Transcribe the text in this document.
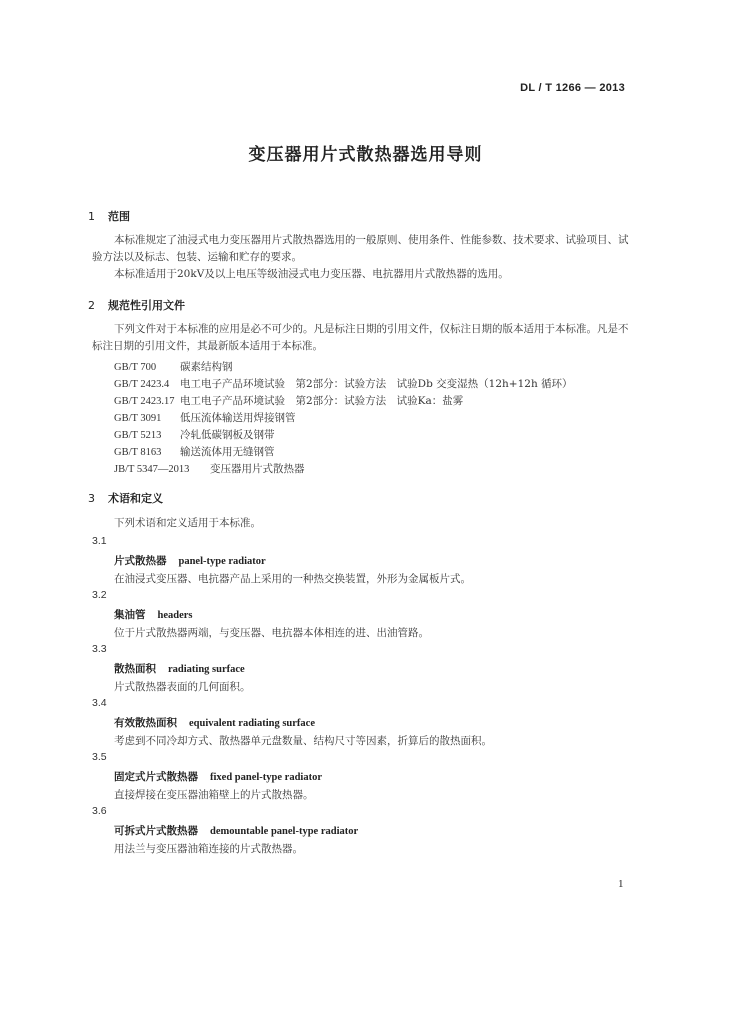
DL / T 1266 — 2013
变压器用片式散热器选用导则
1 范围
本标准规定了油浸式电力变压器用片式散热器选用的一般原则、使用条件、性能参数、技术要求、试验项目、试验方法以及标志、包装、运输和贮存的要求。
本标准适用于20kV及以上电压等级油浸式电力变压器、电抗器用片式散热器的选用。
2 规范性引用文件
下列文件对于本标准的应用是必不可少的。凡是标注日期的引用文件，仅标注日期的版本适用于本标准。凡是不标注日期的引用文件，其最新版本适用于本标准。
GB/T 700 碳素结构钢
GB/T 2423.4 电工电子产品环境试验　第2部分：试验方法　试验Db 交变湿热（12h+12h 循环）
GB/T 2423.17 电工电子产品环境试验　第2部分：试验方法　试验Ka：盐雾
GB/T 3091 低压流体输送用焊接钢管
GB/T 5213 冷轧低碳钢板及钢带
GB/T 8163 输送流体用无缝钢管
JB/T 5347—2013 变压器用片式散热器
3 术语和定义
下列术语和定义适用于本标准。
3.1
片式散热器 panel-type radiator
在油浸式变压器、电抗器产品上采用的一种热交换装置，外形为金属板片式。
3.2
集油管 headers
位于片式散热器两端，与变压器、电抗器本体相连的进、出油管路。
3.3
散热面积 radiating surface
片式散热器表面的几何面积。
3.4
有效散热面积 equivalent radiating surface
考虑到不同冷却方式、散热器单元盘数量、结构尺寸等因素，折算后的散热面积。
3.5
固定式片式散热器 fixed panel-type radiator
直接焊接在变压器油箱壁上的片式散热器。
3.6
可拆式片式散热器 demountable panel-type radiator
用法兰与变压器油箱连接的片式散热器。
1
